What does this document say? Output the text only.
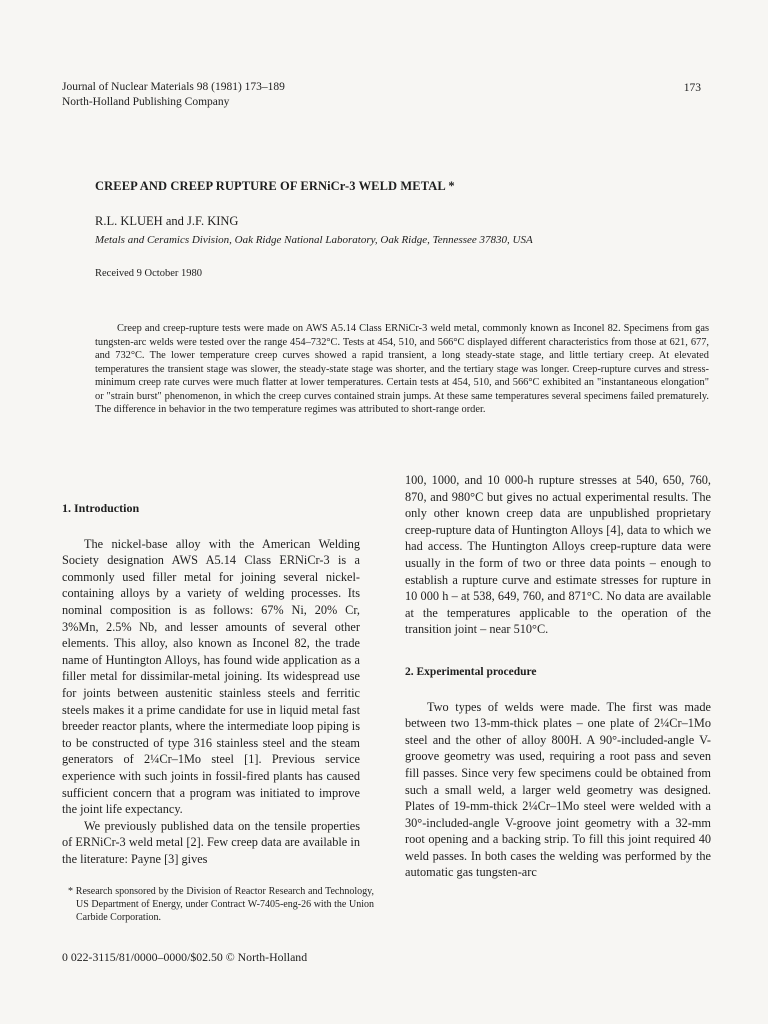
Journal of Nuclear Materials 98 (1981) 173–189
North-Holland Publishing Company
173
CREEP AND CREEP RUPTURE OF ERNiCr-3 WELD METAL *
R.L. KLUEH and J.F. KING
Metals and Ceramics Division, Oak Ridge National Laboratory, Oak Ridge, Tennessee 37830, USA
Received 9 October 1980
Creep and creep-rupture tests were made on AWS A5.14 Class ERNiCr-3 weld metal, commonly known as Inconel 82. Specimens from gas tungsten-arc welds were tested over the range 454–732°C. Tests at 454, 510, and 566°C displayed different characteristics from those at 621, 677, and 732°C. The lower temperature creep curves showed a rapid transient, a long steady-state stage, and little tertiary creep. At elevated temperatures the transient stage was slower, the steady-state stage was shorter, and the tertiary stage was longer. Creep-rupture curves and stress-minimum creep rate curves were much flatter at lower temperatures. Certain tests at 454, 510, and 566°C exhibited an "instantaneous elongation" or "strain burst" phenomenon, in which the creep curves contained strain jumps. At these same temperatures several specimens failed prematurely. The difference in behavior in the two temperature regimes was attributed to short-range order.

1. Introduction

The nickel-base alloy with the American Welding Society designation AWS A5.14 Class ERNiCr-3 is a commonly used filler metal for joining several nickel-containing alloys by a variety of welding processes. Its nominal composition is as follows: 67% Ni, 20% Cr, 3%Mn, 2.5% Nb, and lesser amounts of several other elements. This alloy, also known as Inconel 82, the trade name of Huntington Alloys, has found wide application as a filler metal for dissimilar-metal joining. Its widespread use for joints between austenitic stainless steels and ferritic steels makes it a prime candidate for use in liquid metal fast breeder reactor plants, where the intermediate loop piping is to be constructed of type 316 stainless steel and the steam generators of 2¼Cr–1Mo steel [1]. Previous service experience with such joints in fossil-fired plants has caused sufficient concern that a program was initiated to improve the joint life expectancy.

We previously published data on the tensile properties of ERNiCr-3 weld metal [2]. Few creep data are available in the literature: Payne [3] gives

100, 1000, and 10 000-h rupture stresses at 540, 650, 760, 870, and 980°C but gives no actual experimental results. The only other known creep data are unpublished proprietary creep-rupture data of Huntington Alloys [4], data to which we had access. The Huntington Alloys creep-rupture data were usually in the form of two or three data points – enough to establish a rupture curve and estimate stresses for rupture in 10 000 h – at 538, 649, 760, and 871°C. No data are available at the temperatures applicable to the operation of the transition joint – near 510°C.

2. Experimental procedure

Two types of welds were made. The first was made between two 13-mm-thick plates – one plate of 2¼Cr–1Mo steel and the other of alloy 800H. A 90°-included-angle V-groove geometry was used, requiring a root pass and seven fill passes. Since very few specimens could be obtained from such a small weld, a larger weld geometry was designed. Plates of 19-mm-thick 2¼Cr–1Mo steel were welded with a 30°-included-angle V-groove joint geometry with a 32-mm root opening and a backing strip. To fill this joint required 40 weld passes. In both cases the welding was performed by the automatic gas tungsten-arc

* Research sponsored by the Division of Reactor Research and Technology, US Department of Energy, under Contract W-7405-eng-26 with the Union Carbide Corporation.
0 022-3115/81/0000–0000/$02.50 © North-Holland
